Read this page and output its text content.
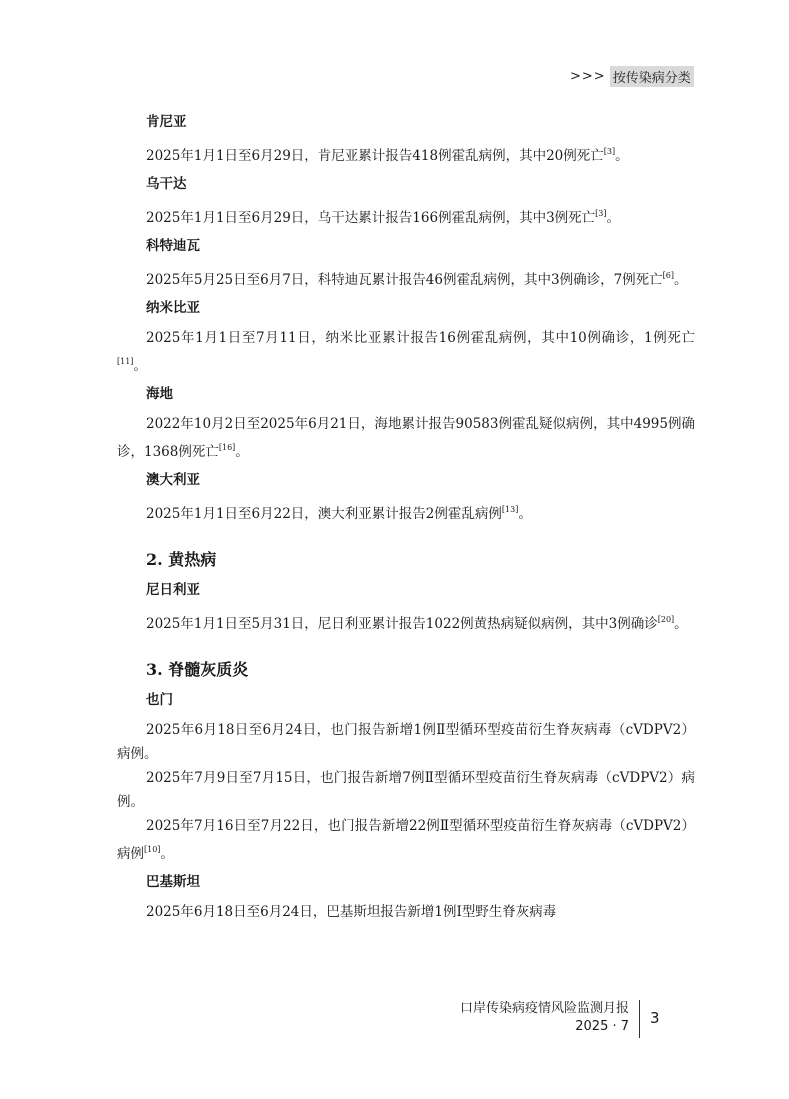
>>> 按传染病分类
肯尼亚

2025年1月1日至6月29日，肯尼亚累计报告418例霍乱病例，其中20例死亡[3]。

乌干达

2025年1月1日至6月29日，乌干达累计报告166例霍乱病例，其中3例死亡[3]。

科特迪瓦

2025年5月25日至6月7日，科特迪瓦累计报告46例霍乱病例，其中3例确诊，7例死亡[6]。

纳米比亚

2025年1月1日至7月11日，纳米比亚累计报告16例霍乱病例，其中10例确诊，1例死亡[11]。

海地

2022年10月2日至2025年6月21日，海地累计报告90583例霍乱疑似病例，其中4995例确诊，1368例死亡[16]。

澳大利亚

2025年1月1日至6月22日，澳大利亚累计报告2例霍乱病例[13]。

2. 黄热病
尼日利亚

2025年1月1日至5月31日，尼日利亚累计报告1022例黄热病疑似病例，其中3例确诊[20]。

3. 脊髓灰质炎
也门

2025年6月18日至6月24日，也门报告新增1例Ⅱ型循环型疫苗衍生脊灰病毒（cVDPV2）病例。

2025年7月9日至7月15日，也门报告新增7例Ⅱ型循环型疫苗衍生脊灰病毒（cVDPV2）病例。

2025年7月16日至7月22日，也门报告新增22例Ⅱ型循环型疫苗衍生脊灰病毒（cVDPV2）病例[10]。

巴基斯坦

2025年6月18日至6月24日，巴基斯坦报告新增1例Ⅰ型野生脊灰病毒

口岸传染病疫情风险监测月报
2025 · 7 3
